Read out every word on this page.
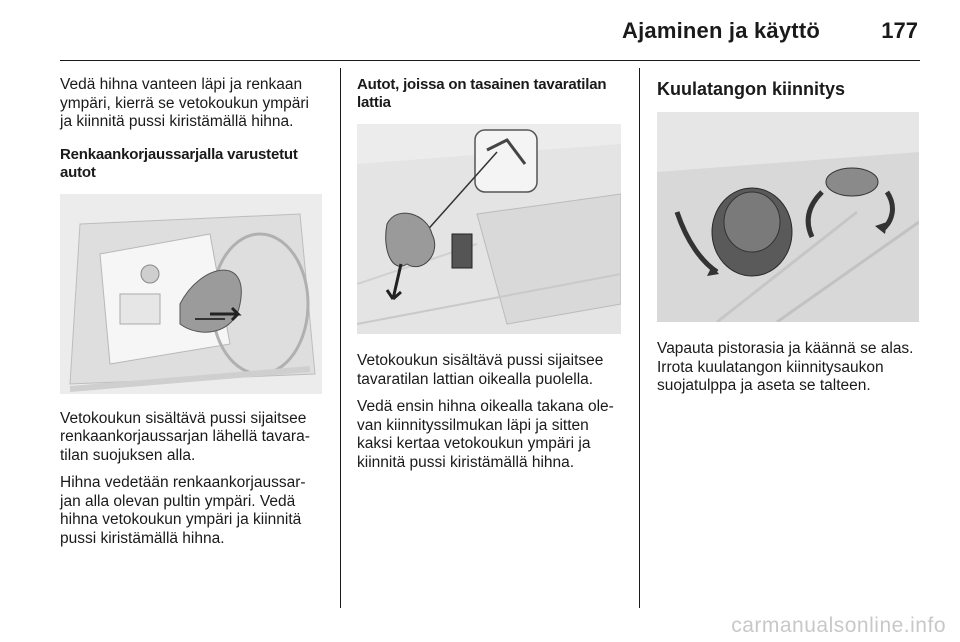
Ajaminen ja käyttö	177

Vedä hihna vanteen läpi ja renkaan ympäri, kierrä se vetokoukun ympäri ja kiinnitä pussi kiristämällä hihna.

Renkaankorjaussarjalla varustetut autot

Vetokoukun sisältävä pussi sijaitsee renkaankorjaussarjan lähellä tavara-tilan suojuksen alla.

Hihna vedetään renkaankorjaussar-jan alla olevan pultin ympäri. Vedä hihna vetokoukun ympäri ja kiinnitä pussi kiristämällä hihna.

Autot, joissa on tasainen tavaratilan lattia

Vetokoukun sisältävä pussi sijaitsee tavaratilan lattian oikealla puolella.

Vedä ensin hihna oikealla takana ole-van kiinnityssilmukan läpi ja sitten kaksi kertaa vetokoukun ympäri ja kiinnitä pussi kiristämällä hihna.

Kuulatangon kiinnitys

Vapauta pistorasia ja käännä se alas. Irrota kuulatangon kiinnitysaukon suojatulppa ja aseta se talteen.

carmanualsonline.info
